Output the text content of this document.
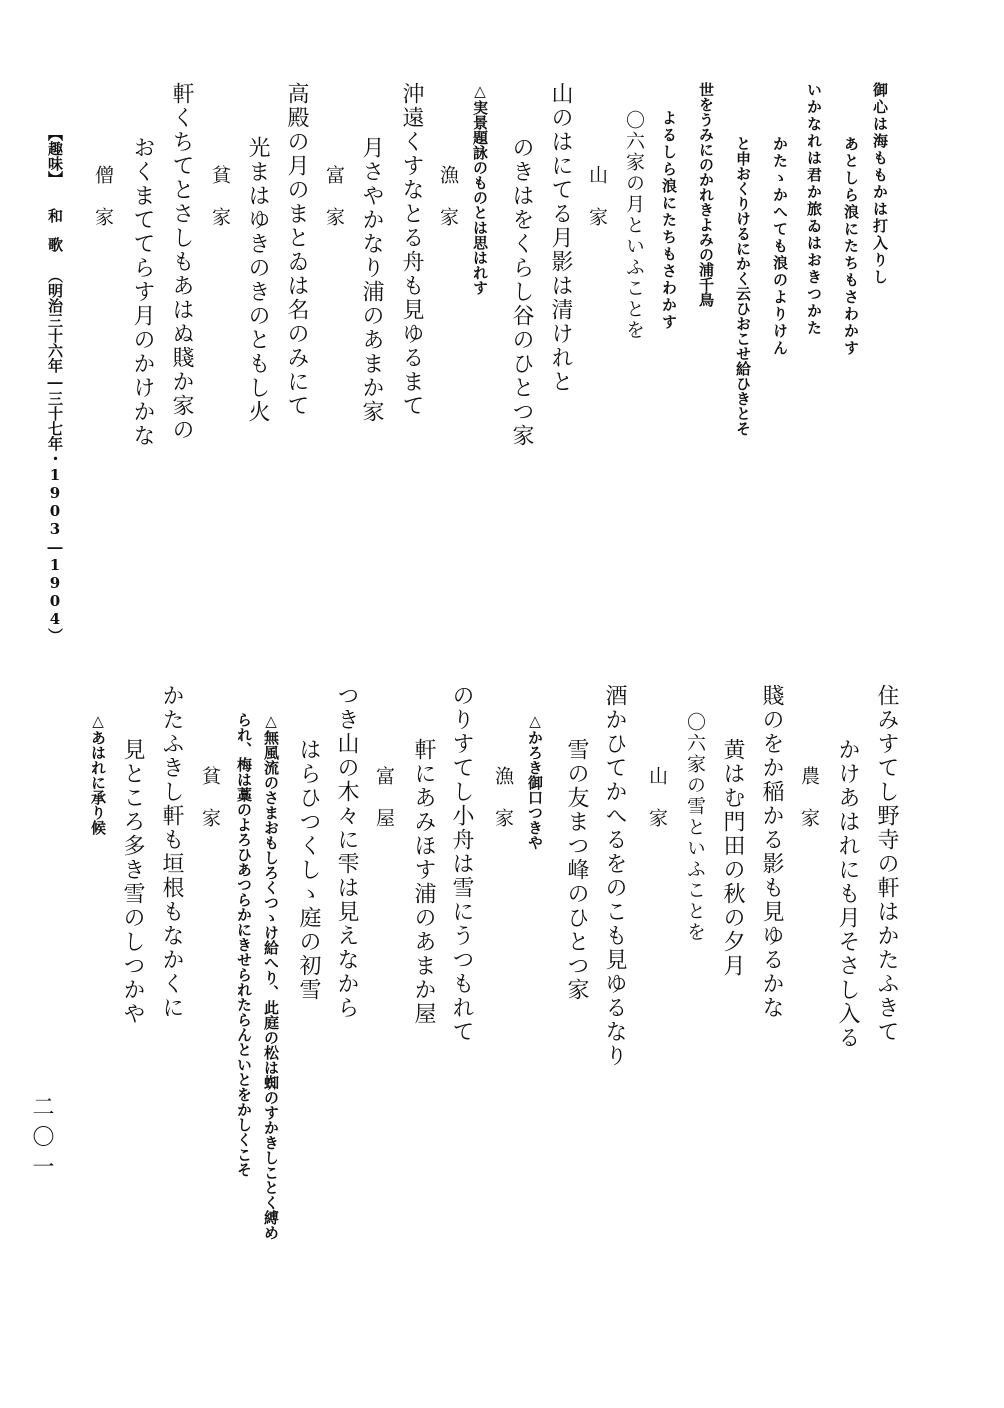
御心は海ももかは打入りし

あとしら浪にたちもさわかす

いかなれは君か旅ゐはおきつかた

かたゝかへても浪のよりけん

と申おくりけるにかく云ひおこせ給ひきとそ

世をうみにのかれきよみの浦千鳥

よるしら浪にたちもさわかす

〇六家の月といふことを

山　家

山のはにてる月影は清けれと

のきはをくらし谷のひとつ家

△実景題詠のものとは思はれす

漁　家

沖遠くすなとる舟も見ゆるまて

月さやかなり浦のあまか家

富　家

高殿の月のまとゐは名のみにて

光まはゆきのきのともし火

貧　家

軒くちてとさしもあはぬ賤か家の

おくまててらす月のかけかな

僧　家

【趣味】

和歌

（明治三十六年―三十七年・1903―1904）

住みすてし野寺の軒はかたふきて

かけあはれにも月そさし入る

農　家

賤のをか稲かる影も見ゆるかな

黄はむ門田の秋の夕月

〇六家の雪といふことを

山　家

酒かひてかへるをのこも見ゆるなり

雪の友まつ峰のひとつ家

△かろき御口つきや

漁　家

のりすてし小舟は雪にうつもれて

軒にあみほす浦のあまか屋

富　屋

つき山の木々に雫は見えなから

はらひつくしゝ庭の初雪

△無風流のさまおもしろくつゝけ給へり、此庭の松は蜘のすかきしことく縛め

られ、梅は藁のよろひあつらかにきせられたらんといとをかしくこそ

貧　家

かたふきし軒も垣根もなかくに

見ところ多き雪のしつかや

△あはれに承り候

二〇一
